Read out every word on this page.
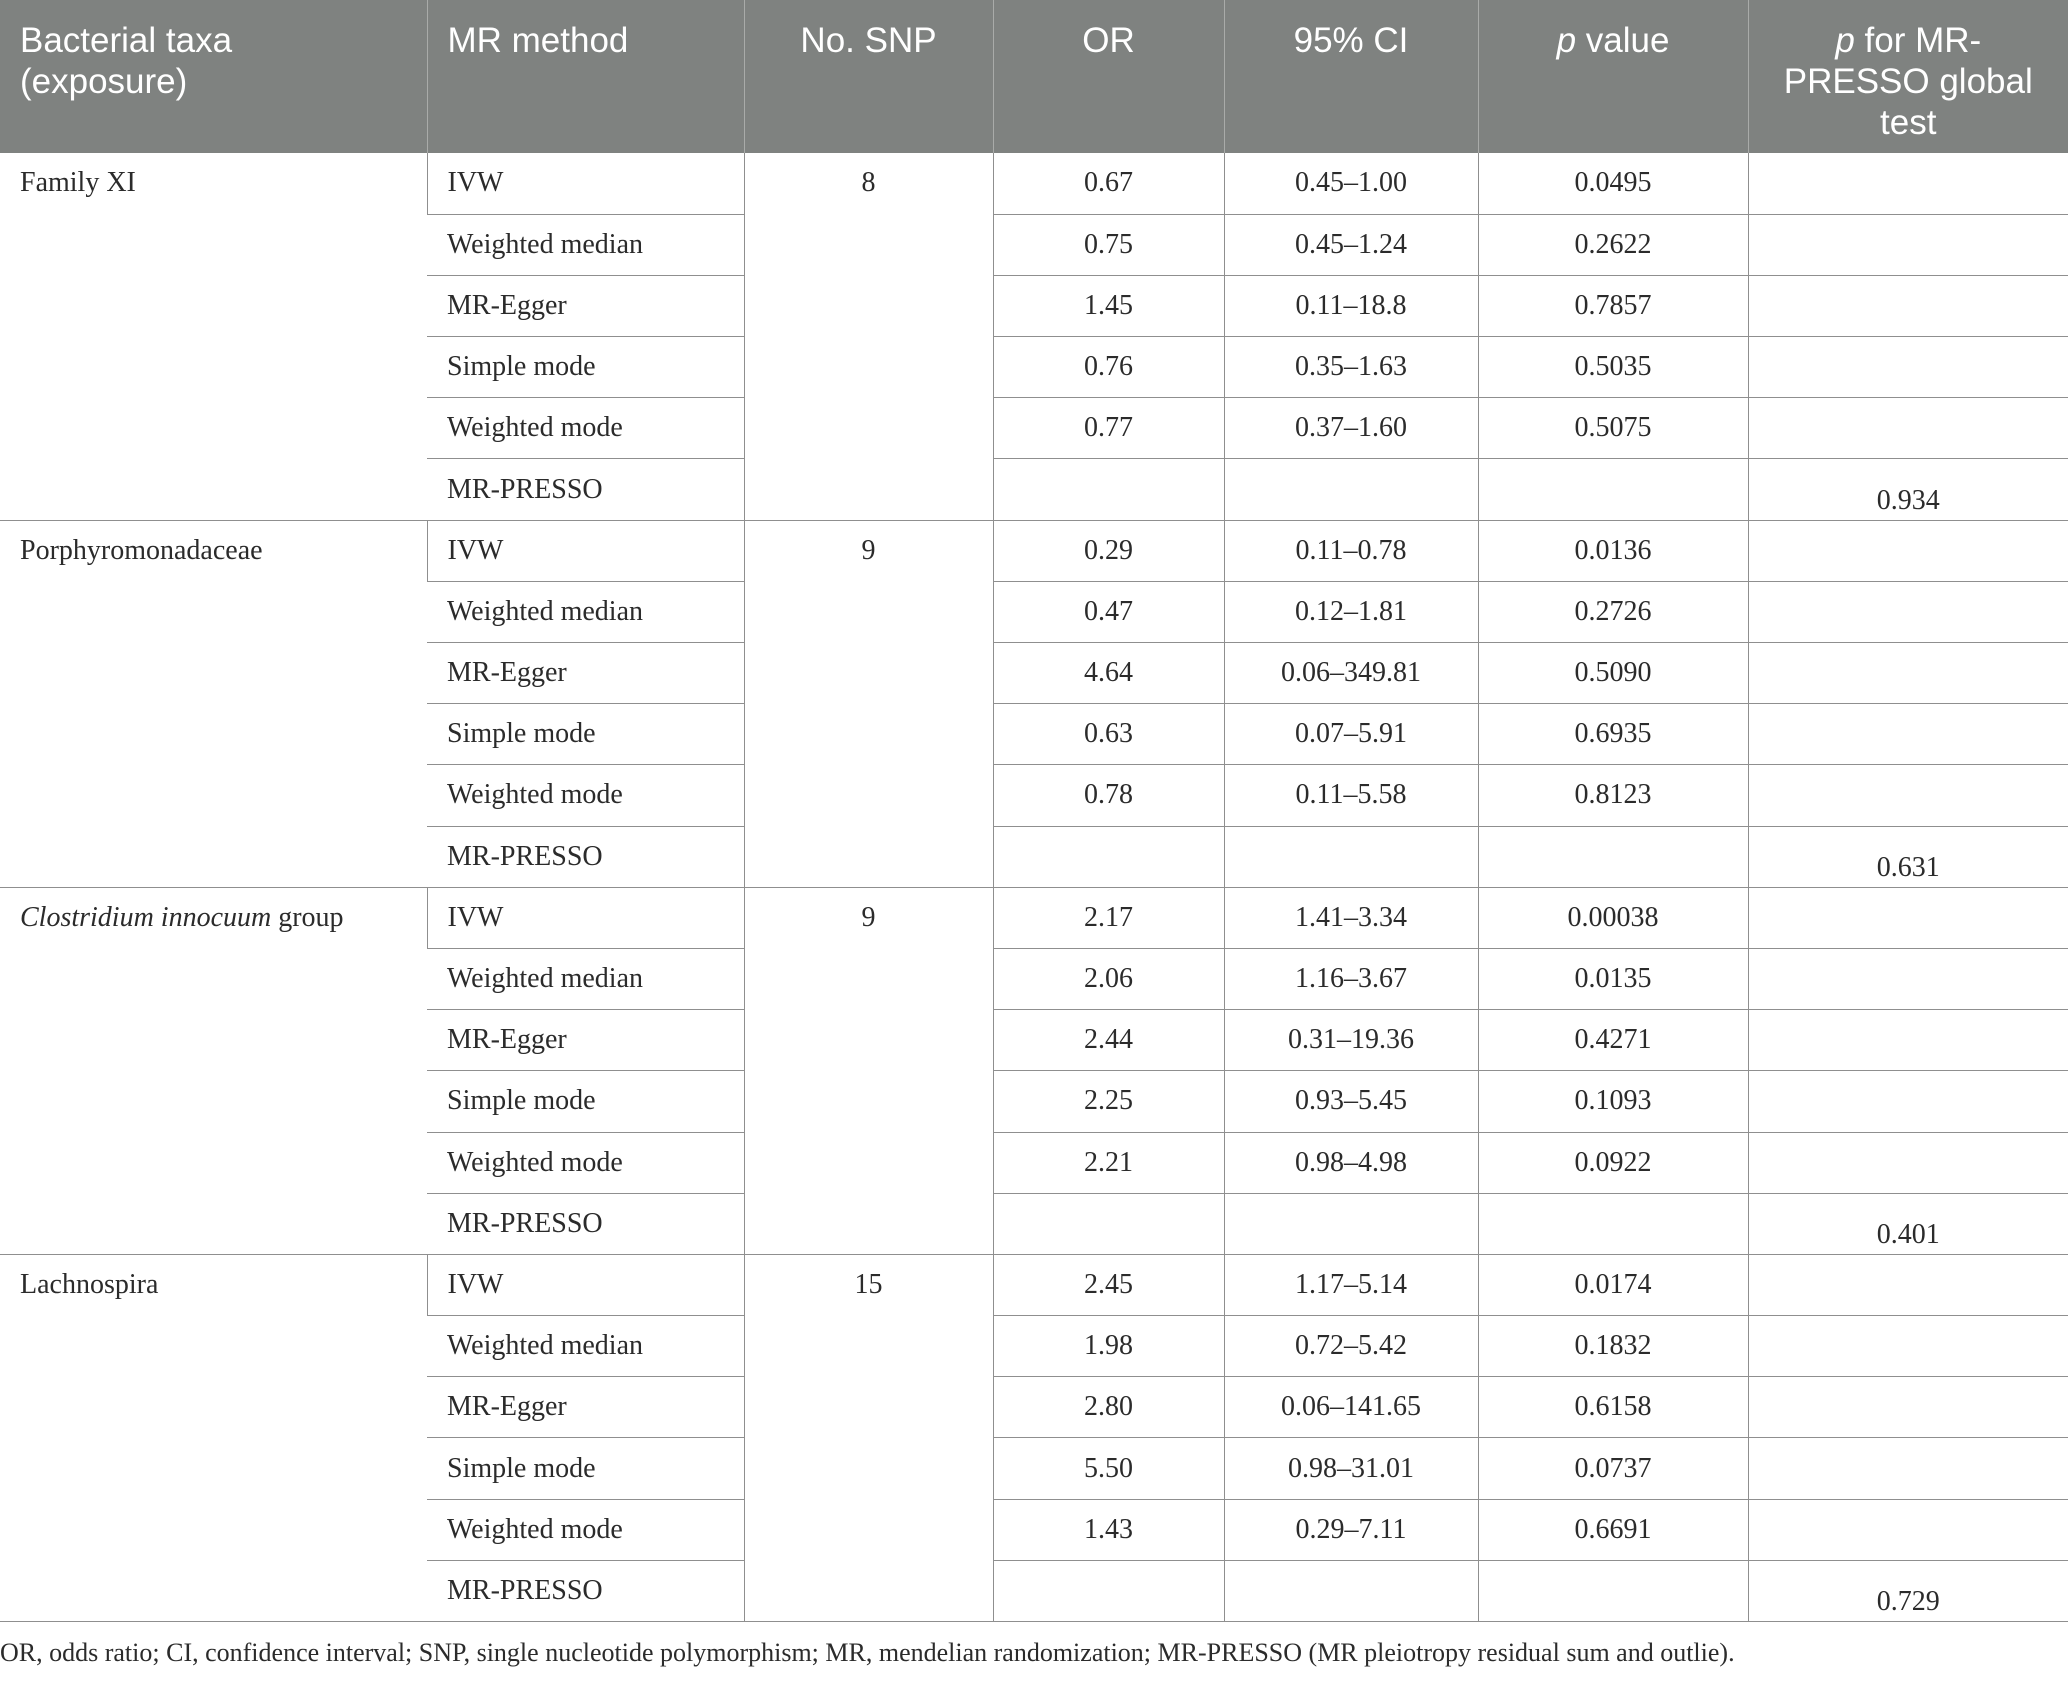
Bacterial taxa (exposure)	MR method	No. SNP	OR	95% CI	p value	p for MR-PRESSO global test
Family XI	IVW	8	0.67	0.45–1.00	0.0495	
	Weighted median		0.75	0.45–1.24	0.2622	
	MR-Egger		1.45	0.11–18.8	0.7857	
	Simple mode		0.76	0.35–1.63	0.5035	
	Weighted mode		0.77	0.37–1.60	0.5075	
	MR-PRESSO					0.934
Porphyromonadaceae	IVW	9	0.29	0.11–0.78	0.0136	
	Weighted median		0.47	0.12–1.81	0.2726	
	MR-Egger		4.64	0.06–349.81	0.5090	
	Simple mode		0.63	0.07–5.91	0.6935	
	Weighted mode		0.78	0.11–5.58	0.8123	
	MR-PRESSO					0.631
Clostridium innocuum group	IVW	9	2.17	1.41–3.34	0.00038	
	Weighted median		2.06	1.16–3.67	0.0135	
	MR-Egger		2.44	0.31–19.36	0.4271	
	Simple mode		2.25	0.93–5.45	0.1093	
	Weighted mode		2.21	0.98–4.98	0.0922	
	MR-PRESSO					0.401
Lachnospira	IVW	15	2.45	1.17–5.14	0.0174	
	Weighted median		1.98	0.72–5.42	0.1832	
	MR-Egger		2.80	0.06–141.65	0.6158	
	Simple mode		5.50	0.98–31.01	0.0737	
	Weighted mode		1.43	0.29–7.11	0.6691	
	MR-PRESSO					0.729
OR, odds ratio; CI, confidence interval; SNP, single nucleotide polymorphism; MR, mendelian randomization; MR-PRESSO (MR pleiotropy residual sum and outlie).
